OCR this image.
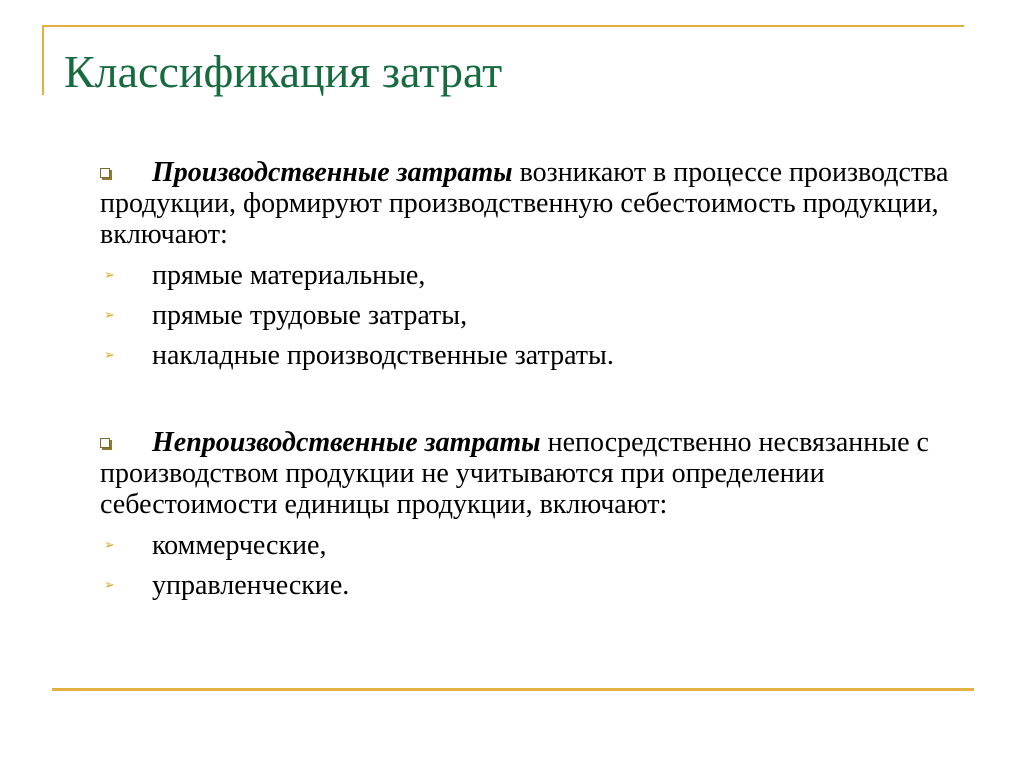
Классификация затрат

Производственные затраты возникают в процессе производства продукции, формируют производственную себестоимость продукции, включают:

➢ прямые материальные,

➢ прямые трудовые затраты,

➢ накладные производственные затраты.

Непроизводственные затраты непосредственно несвязанные с производством продукции не учитываются при определении себестоимости единицы продукции, включают:

➢ коммерческие,

➢ управленческие.
